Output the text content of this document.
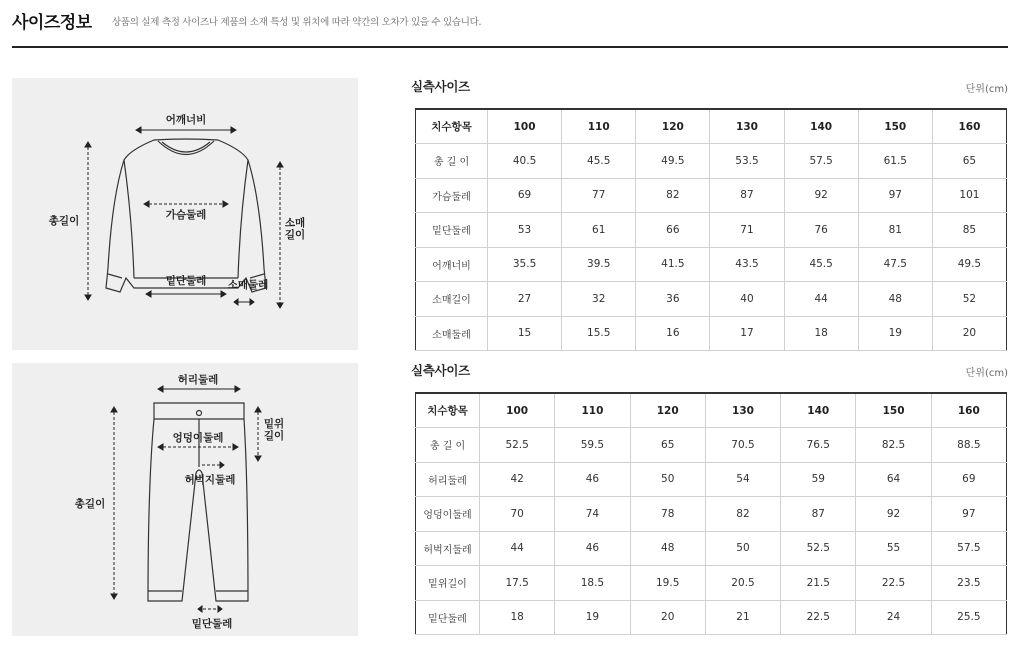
사이즈정보 상품의 실제 측정 사이즈나 제품의 소재 특성 및 위치에 따라 약간의 오차가 있을 수 있습니다.
어깨너비
총길이	가슴둘레
소매
길이
밑단둘레 소매둘레
허리둘레
밑위
길이
엉덩이둘레
허벅지둘레
총길이
밑단둘레
실측사이즈	단위(cm)
치수항목	100	110	120	130	140	150	160
총 길 이	40.5	45.5	49.5	53.5	57.5	61.5	65
가슴둘레	69	77	82	87	92	97	101
밑단둘레	53	61	66	71	76	81	85
어깨너비	35.5	39.5	41.5	43.5	45.5	47.5	49.5
소매길이	27	32	36	40	44	48	52
소매둘레	15	15.5	16	17	18	19	20
실측사이즈	단위(cm)
치수항목	100	110	120	130	140	150	160
총 길 이	52.5	59.5	65	70.5	76.5	82.5	88.5
허리둘레	42	46	50	54	59	64	69
엉덩이둘레	70	74	78	82	87	92	97
허벅지둘레	44	46	48	50	52.5	55	57.5
밑위길이	17.5	18.5	19.5	20.5	21.5	22.5	23.5
밑단둘레	18	19	20	21	22.5	24	25.5
